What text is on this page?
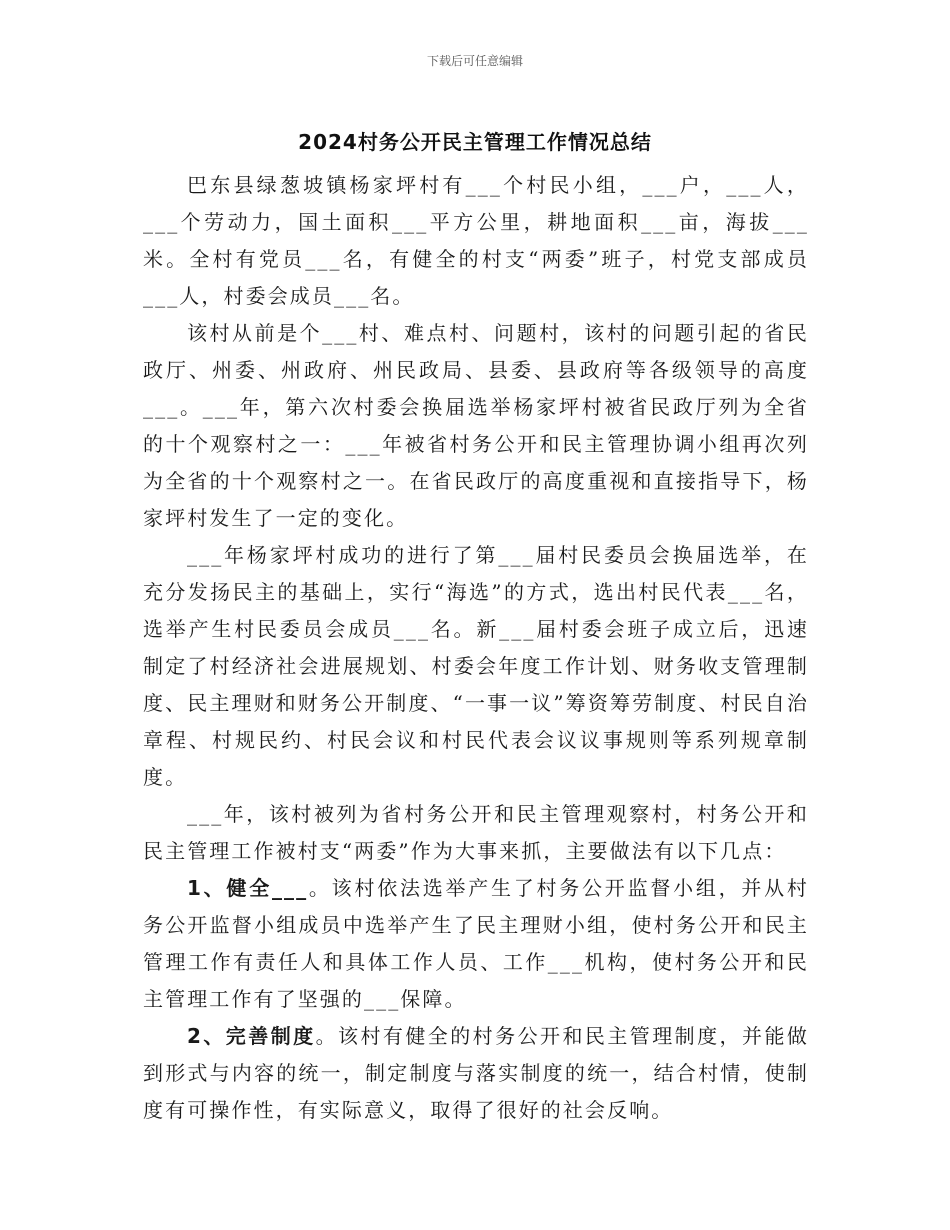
下载后可任意编辑
2024村务公开民主管理工作情况总结

巴东县绿葱坡镇杨家坪村有___个村民小组，___户，___人，___个劳动力，国土面积___平方公里，耕地面积___亩，海拔___米。全村有党员___名，有健全的村支“两委”班子，村党支部成员___人，村委会成员___名。

该村从前是个___村、难点村、问题村，该村的问题引起的省民政厅、州委、州政府、州民政局、县委、县政府等各级领导的高度___。___年，第六次村委会换届选举杨家坪村被省民政厅列为全省的十个观察村之一：___年被省村务公开和民主管理协调小组再次列为全省的十个观察村之一。在省民政厅的高度重视和直接指导下，杨家坪村发生了一定的变化。

___年杨家坪村成功的进行了第___届村民委员会换届选举，在充分发扬民主的基础上，实行“海选”的方式，选出村民代表___名，选举产生村民委员会成员___名。新___届村委会班子成立后，迅速制定了村经济社会进展规划、村委会年度工作计划、财务收支管理制度、民主理财和财务公开制度、“一事一议”筹资筹劳制度、村民自治章程、村规民约、村民会议和村民代表会议议事规则等系列规章制度。

___年，该村被列为省村务公开和民主管理观察村，村务公开和民主管理工作被村支“两委”作为大事来抓，主要做法有以下几点：

1、健全___。该村依法选举产生了村务公开监督小组，并从村务公开监督小组成员中选举产生了民主理财小组，使村务公开和民主管理工作有责任人和具体工作人员、工作___机构，使村务公开和民主管理工作有了坚强的___保障。

2、完善制度。该村有健全的村务公开和民主管理制度，并能做到形式与内容的统一，制定制度与落实制度的统一，结合村情，使制度有可操作性，有实际意义，取得了很好的社会反响。
